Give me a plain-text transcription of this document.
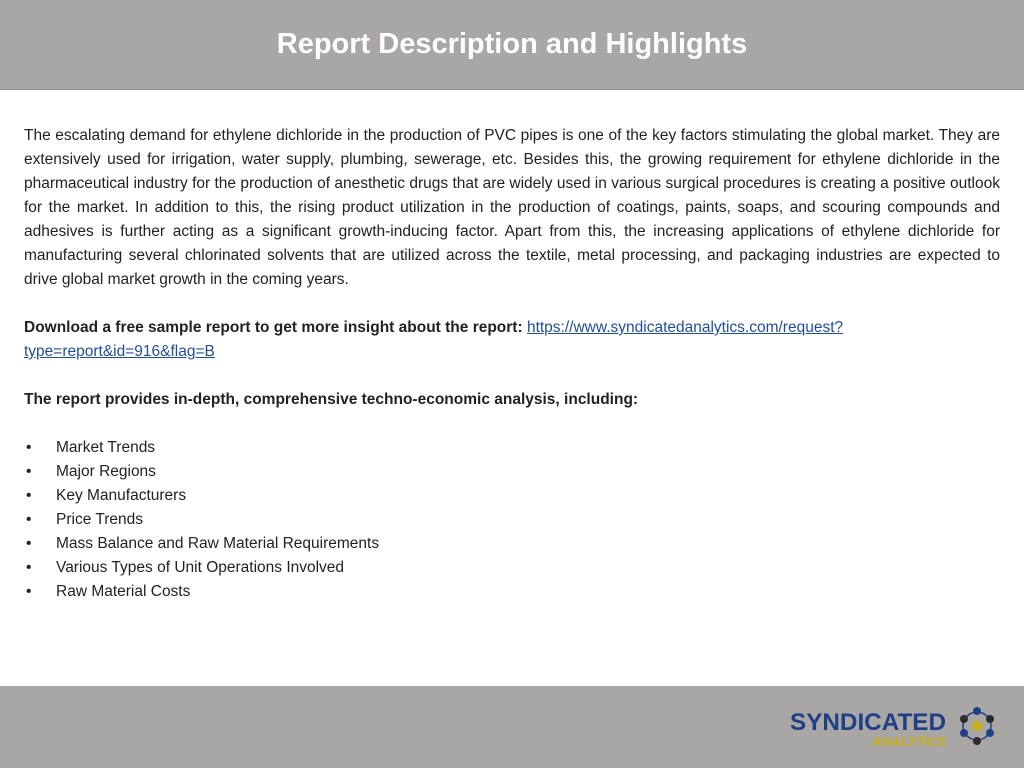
Report Description and Highlights

The escalating demand for ethylene dichloride in the production of PVC pipes is one of the key factors stimulating the global market. They are extensively used for irrigation, water supply, plumbing, sewerage, etc. Besides this, the growing requirement for ethylene dichloride in the pharmaceutical industry for the production of anesthetic drugs that are widely used in various surgical procedures is creating a positive outlook for the market. In addition to this, the rising product utilization in the production of coatings, paints, soaps, and scouring compounds and adhesives is further acting as a significant growth-inducing factor. Apart from this, the increasing applications of ethylene dichloride for manufacturing several chlorinated solvents that are utilized across the textile, metal processing, and packaging industries are expected to drive global market growth in the coming years.

Download a free sample report to get more insight about the report: https://www.syndicatedanalytics.com/request?type=report&id=916&flag=B

The report provides in-depth, comprehensive techno-economic analysis, including:

• Market Trends
• Major Regions
• Key Manufacturers
• Price Trends
• Mass Balance and Raw Material Requirements
• Various Types of Unit Operations Involved
• Raw Material Costs
SYNDICATED
ANALYTICS
